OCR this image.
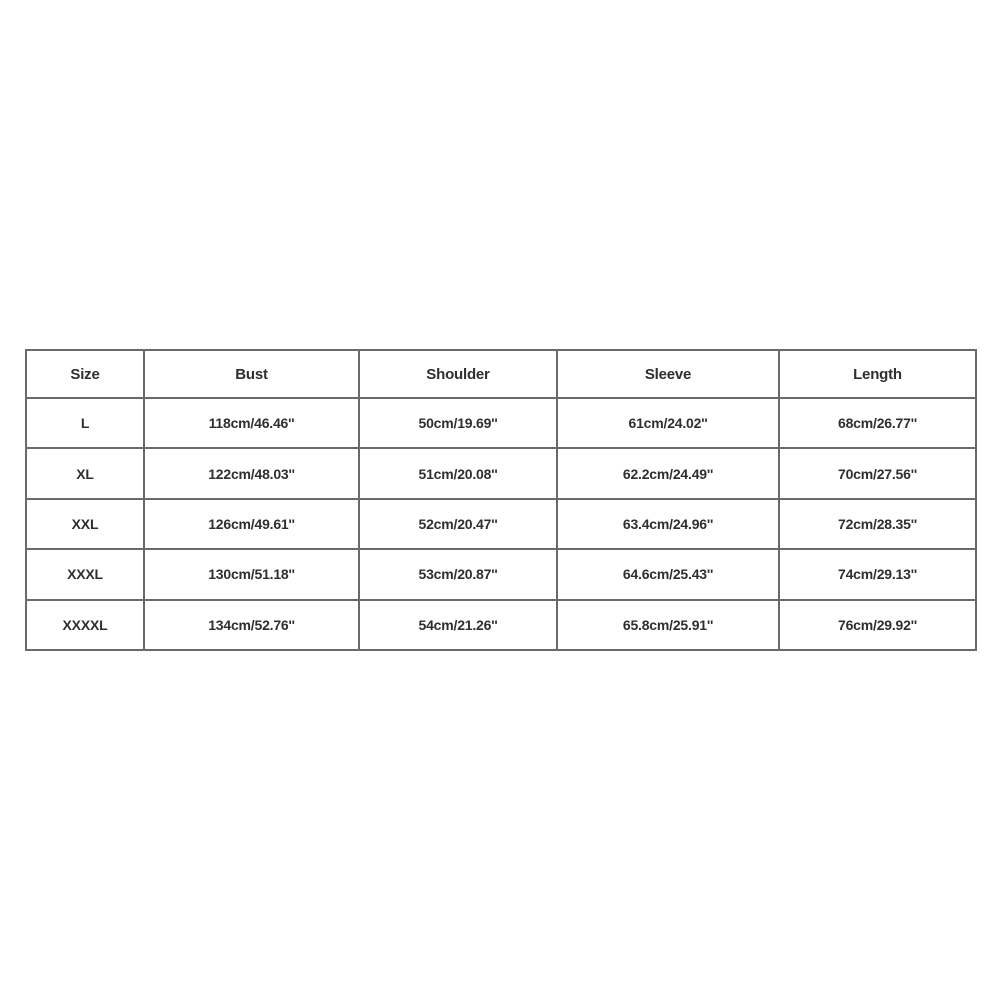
Size	Bust	Shoulder	Sleeve	Length
L	118cm/46.46''	50cm/19.69''	61cm/24.02''	68cm/26.77''
XL	122cm/48.03''	51cm/20.08''	62.2cm/24.49''	70cm/27.56''
XXL	126cm/49.61''	52cm/20.47''	63.4cm/24.96''	72cm/28.35''
XXXL	130cm/51.18''	53cm/20.87''	64.6cm/25.43''	74cm/29.13''
XXXXL	134cm/52.76''	54cm/21.26''	65.8cm/25.91''	76cm/29.92''
